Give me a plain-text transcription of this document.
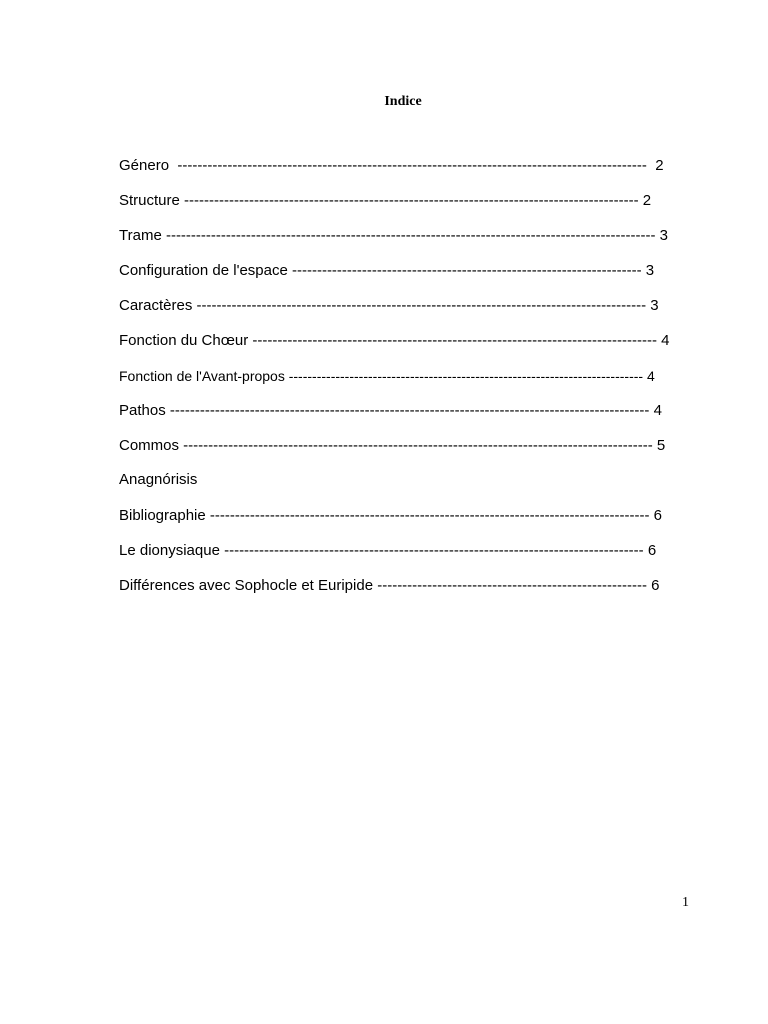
Indice
Género  ----------------------------------------------------------------------------------------------  2
Structure ------------------------------------------------------------------------------------------- 2
Trame -------------------------------------------------------------------------------------------------- 3
Configuration de l'espace ---------------------------------------------------------------------- 3
Caractères ------------------------------------------------------------------------------------------ 3
Fonction du Chœur --------------------------------------------------------------------------------- 4
Fonction de l'Avant-propos ---------------------------------------------------------------------------- 4
Pathos ------------------------------------------------------------------------------------------------ 4
Commos ---------------------------------------------------------------------------------------------- 5
Anagnórisis
Bibliographie ---------------------------------------------------------------------------------------- 6
Le dionysiaque ------------------------------------------------------------------------------------ 6
Différences avec Sophocle et Euripide ------------------------------------------------------ 6
1
